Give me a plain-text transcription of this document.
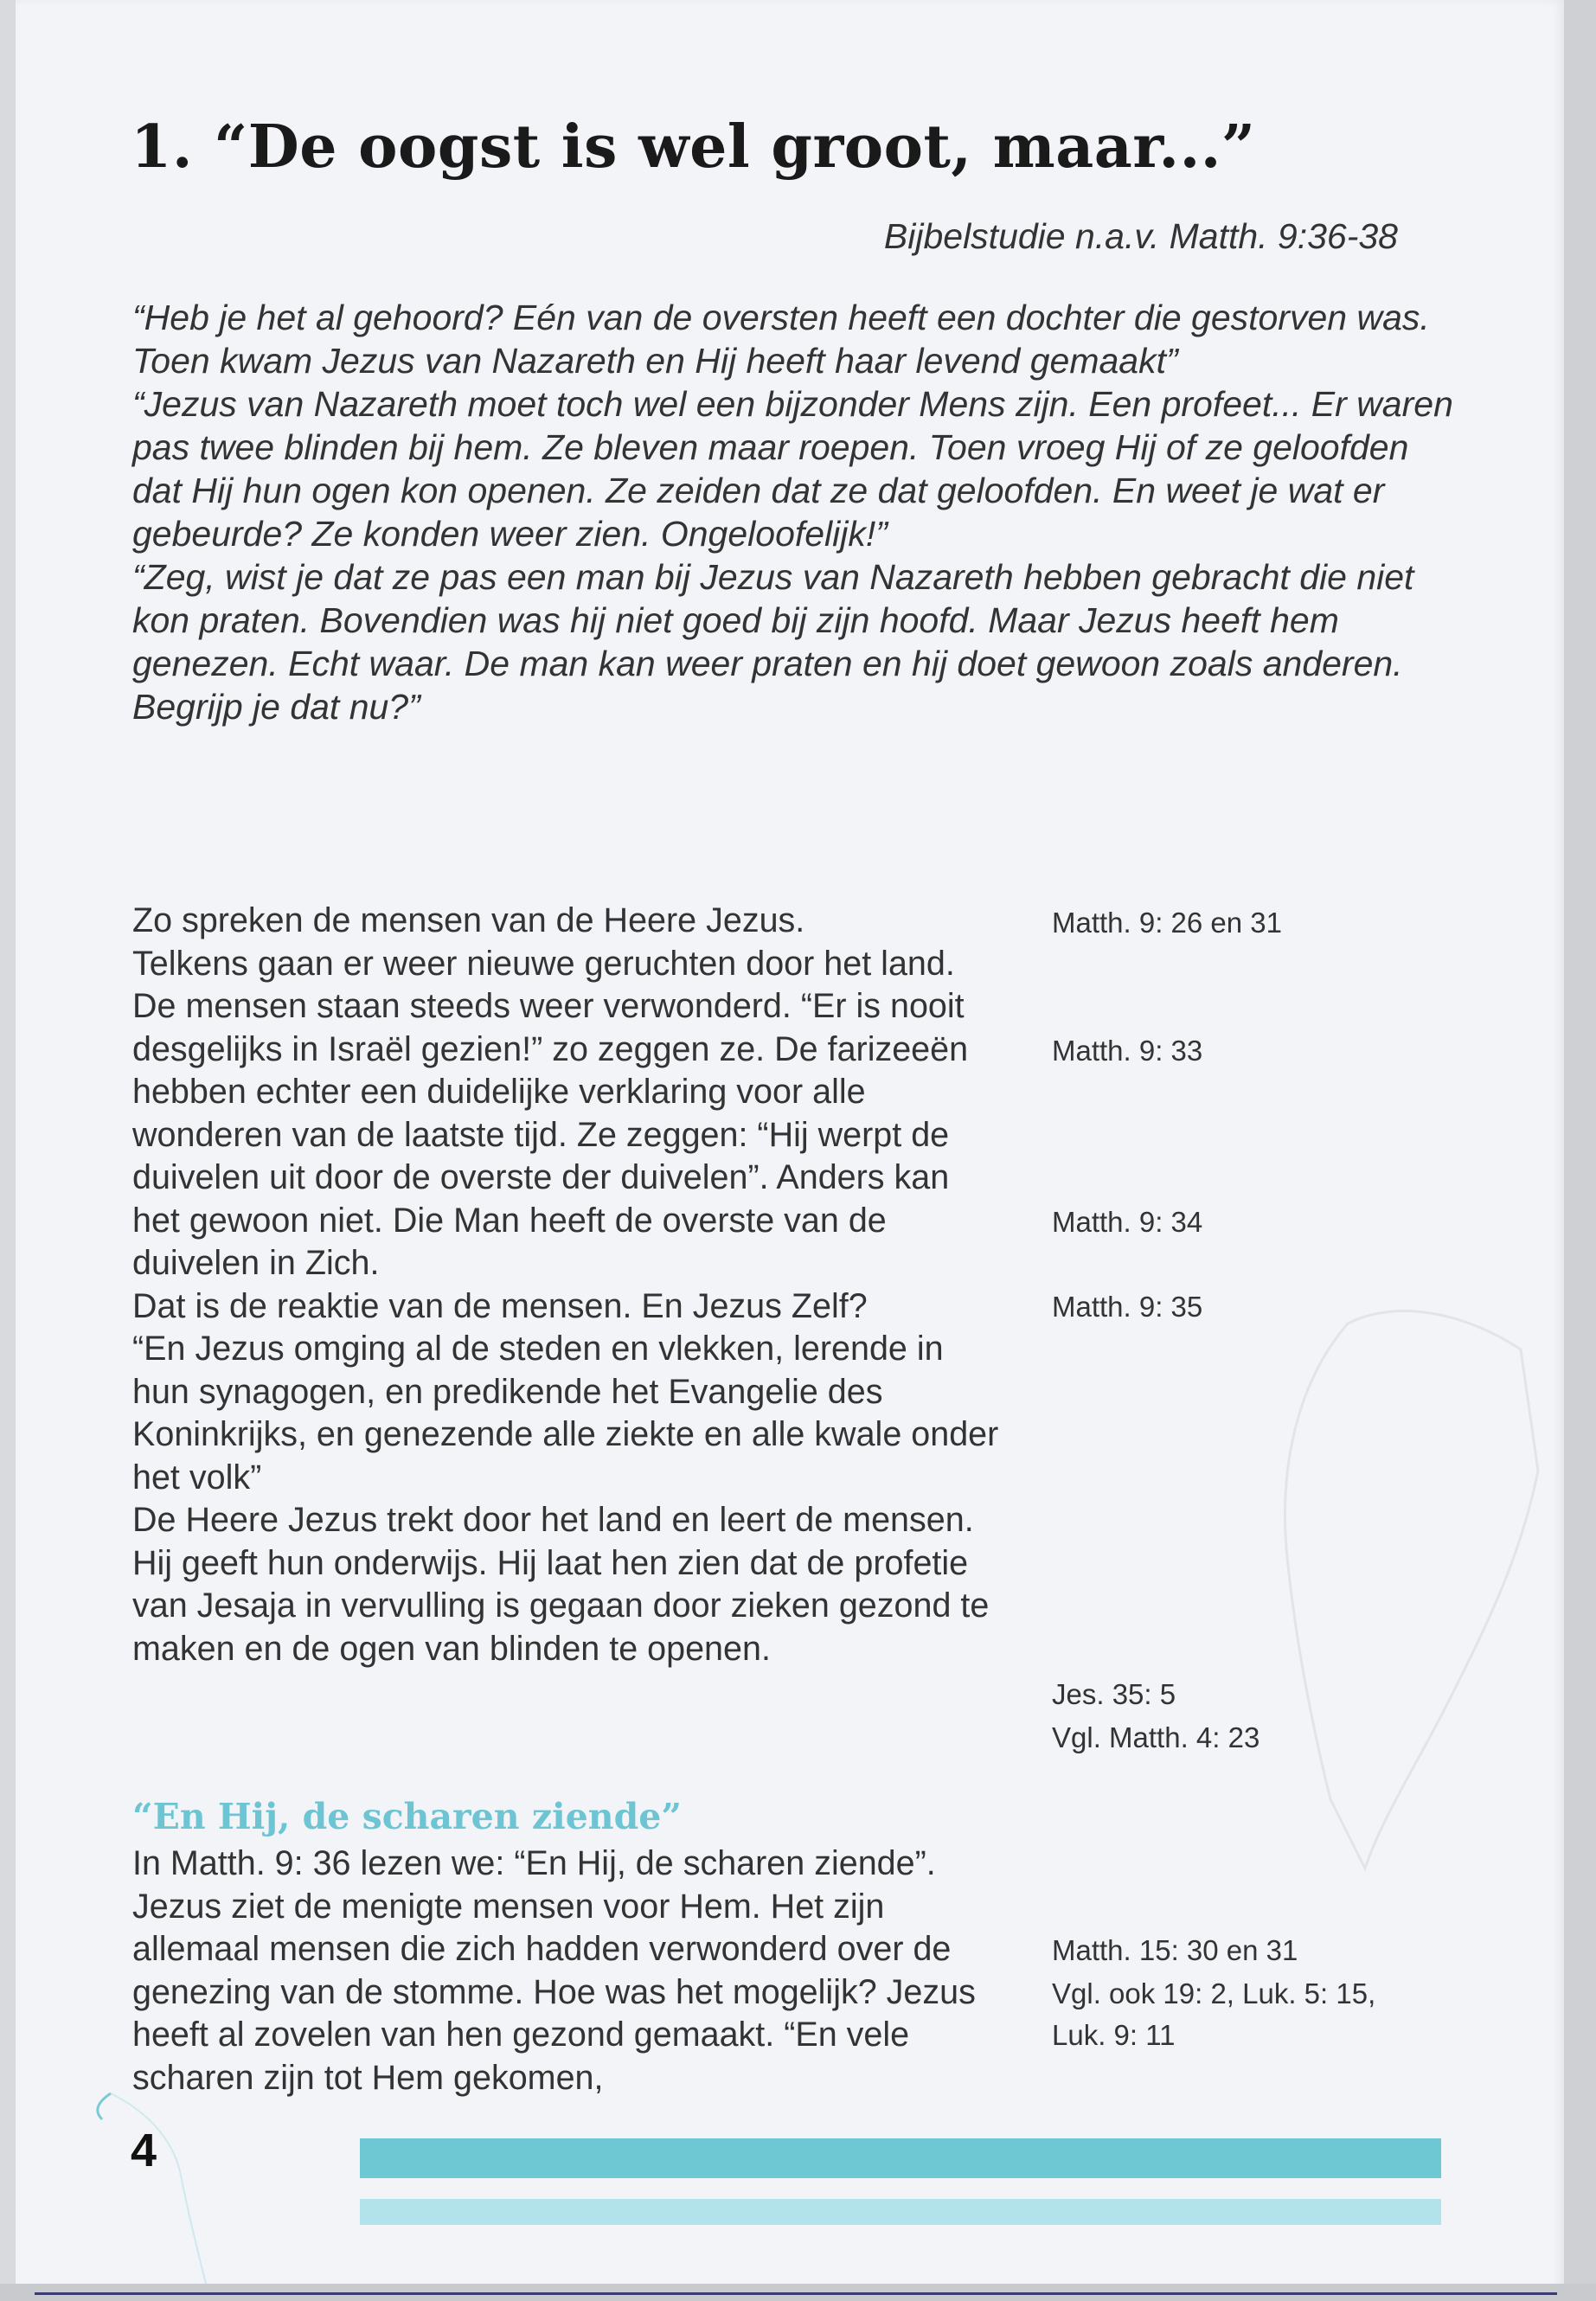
1. “De oogst is wel groot, maar...”
Bijbelstudie n.a.v. Matth. 9:36-38

“Heb je het al gehoord? Eén van de oversten heeft een dochter die gestorven was. Toen kwam Jezus van Nazareth en Hij heeft haar levend gemaakt”

“Jezus van Nazareth moet toch wel een bijzonder Mens zijn. Een profeet... Er waren pas twee blinden bij hem. Ze bleven maar roepen. Toen vroeg Hij of ze geloofden dat Hij hun ogen kon openen. Ze zeiden dat ze dat geloofden. En weet je wat er gebeurde? Ze konden weer zien. Ongeloofelijk!”

“Zeg, wist je dat ze pas een man bij Jezus van Nazareth hebben gebracht die niet kon praten. Bovendien was hij niet goed bij zijn hoofd. Maar Jezus heeft hem genezen. Echt waar. De man kan weer praten en hij doet gewoon zoals anderen. Begrijp je dat nu?”

Zo spreken de mensen van de Heere Jezus.

Telkens gaan er weer nieuwe geruchten door het land.

De mensen staan steeds weer verwonderd. “Er is nooit desgelijks in Israël gezien!” zo zeggen ze. De farizeeën hebben echter een duidelijke verklaring voor alle wonderen van de laatste tijd. Ze zeggen: “Hij werpt de duivelen uit door de overste der duivelen”. Anders kan het gewoon niet. Die Man heeft de overste van de duivelen in Zich.

Dat is de reaktie van de mensen. En Jezus Zelf?

“En Jezus omging al de steden en vlekken, lerende in hun synagogen, en predikende het Evangelie des Koninkrijks, en genezende alle ziekte en alle kwale onder het volk”

De Heere Jezus trekt door het land en leert de mensen. Hij geeft hun onderwijs. Hij laat hen zien dat de profetie van Jesaja in vervulling is gegaan door zieken gezond te maken en de ogen van blinden te openen.

“En Hij, de scharen ziende”

In Matth. 9: 36 lezen we: “En Hij, de scharen ziende”. Jezus ziet de menigte mensen voor Hem. Het zijn allemaal mensen die zich hadden verwonderd over de genezing van de stomme. Hoe was het mogelijk? Jezus heeft al zovelen van hen gezond gemaakt. “En vele scharen zijn tot Hem gekomen,

Matth. 9: 26 en 31
Matth. 9: 33
Matth. 9: 34
Matth. 9: 35
Jes. 35: 5
Vgl. Matth. 4: 23
Matth. 15: 30 en 31
Vgl. ook 19: 2, Luk. 5: 15,
Luk. 9: 11
4
